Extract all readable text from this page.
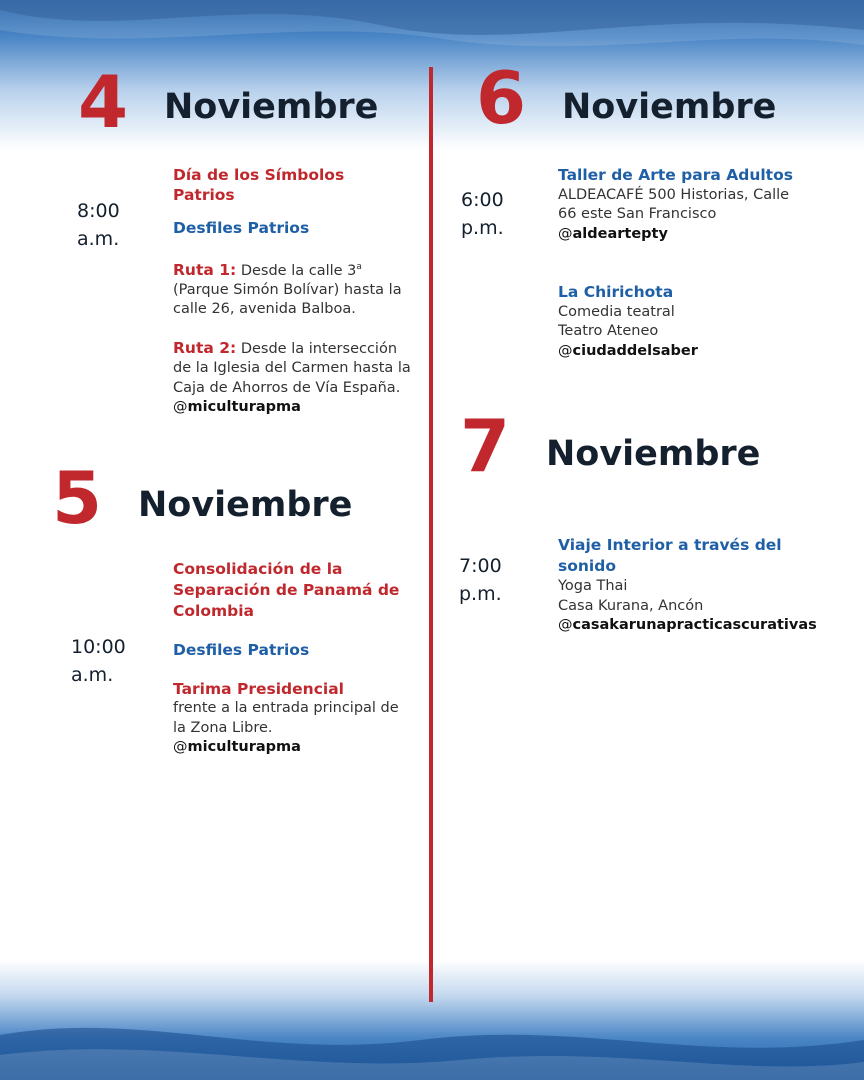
4 Noviembre
8:00
a.m.
Día de los Símbolos Patrios
Desfiles Patrios
Ruta 1: Desde la calle 3$^a$ (Parque Simón Bolívar) hasta la calle 26, avenida Balboa.
Ruta 2: Desde la intersección de la Iglesia del Carmen hasta la Caja de Ahorros de Vía España.
@miculturapma
5 Noviembre
10:00
a.m.
Consolidación de la Separación de Panamá de Colombia
Desfiles Patrios
Tarima Presidencial
frente a la entrada principal de la Zona Libre.
@miculturapma
6 Noviembre
6:00
p.m.
Taller de Arte para Adultos
ALDEACAFÉ 500 Historias, Calle 66 este San Francisco
@aldeartepty
La Chirichota
Comedia teatral
Teatro Ateneo
@ciudaddelsaber
7 Noviembre
7:00
p.m.
Viaje Interior a través del sonido
Yoga Thai
Casa Kurana, Ancón
@casakarunapracticascurativas
